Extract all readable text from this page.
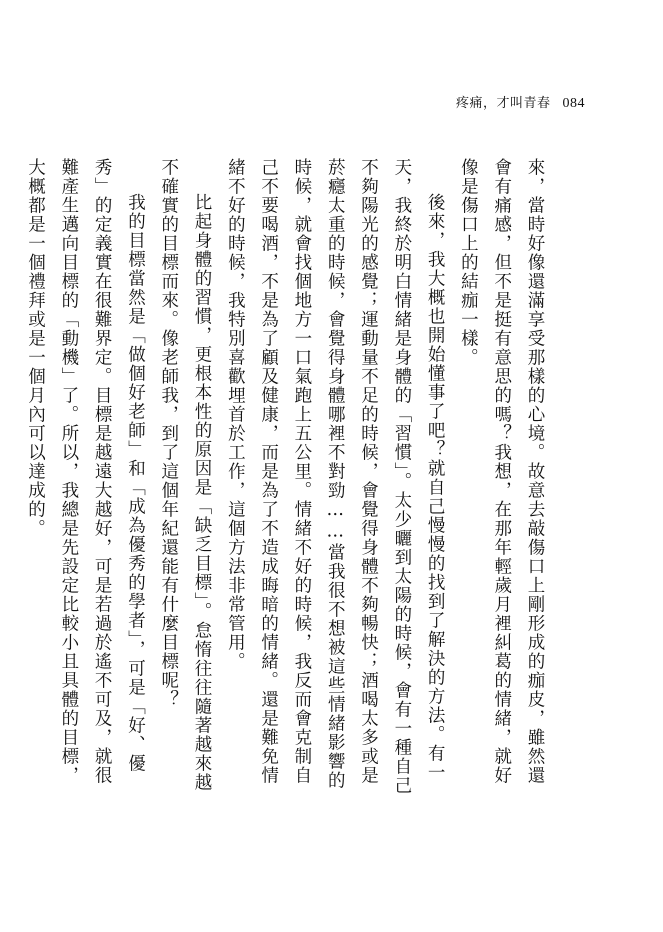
疼痛，才叫青春 084

來，當時好像還滿享受那樣的心境。故意去敲傷口上剛形成的痂皮，雖然還會有痛感，但不是挺有意思的嗎？我想，在那年輕歲月裡糾葛的情緒，就好像是傷口上的結痂一樣。

後來，我大概也開始懂事了吧？就自己慢慢的找到了解決的方法。有一天，我終於明白情緒是身體的「習慣」。太少曬到太陽的時候，會有一種自己不夠陽光的感覺；運動量不足的時候，會覺得身體不夠暢快；酒喝太多或是菸癮太重的時候，會覺得身體哪裡不對勁……當我很不想被這些情緒影響的時候，就會找個地方一口氣跑上五公里。情緒不好的時候，我反而會克制自己不要喝酒，不是為了顧及健康，而是為了不造成晦暗的情緒。還是難免情緒不好的時候，我特別喜歡埋首於工作，這個方法非常管用。

比起身體的習慣，更根本性的原因是「缺乏目標」。怠惰往往隨著越來越不確實的目標而來。像老師我，到了這個年紀還能有什麼目標呢？

我的目標當然是「做個好老師」和「成為優秀的學者」，可是「好、優秀」的定義實在很難界定。目標是越遠大越好，可是若過於遙不可及，就很難產生邁向目標的「動機」了。所以，我總是先設定比較小且具體的目標，大概都是一個禮拜或是一個月內可以達成的。
